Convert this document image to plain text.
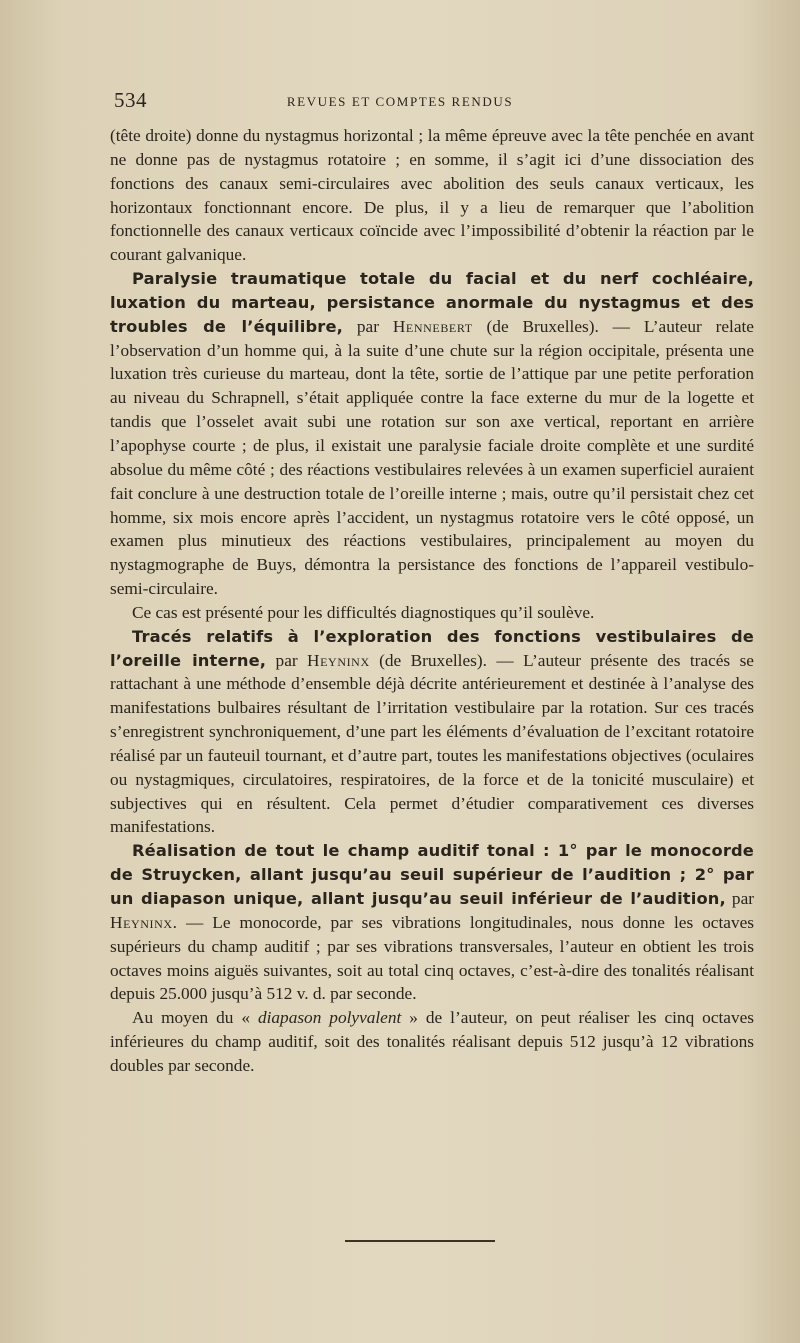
534	REVUES ET COMPTES RENDUS

(tête droite) donne du nystagmus horizontal ; la même épreuve avec la tête penchée en avant ne donne pas de nystagmus rotatoire ; en somme, il s’agit ici d’une dissociation des fonctions des canaux semi-circulaires avec abolition des seuls canaux verticaux, les horizontaux fonctionnant encore. De plus, il y a lieu de remarquer que l’abolition fonctionnelle des canaux verticaux coïncide avec l’impossibilité d’obtenir la réaction par le courant galvanique.

Paralysie traumatique totale du facial et du nerf cochléaire, luxation du marteau, persistance anormale du nystagmus et des troubles de l’équilibre, par Hennebert (de Bruxelles). — L’auteur relate l’observation d’un homme qui, à la suite d’une chute sur la région occipitale, présenta une luxation très curieuse du marteau, dont la tête, sortie de l’attique par une petite perforation au niveau du Schrapnell, s’était appliquée contre la face externe du mur de la logette et tandis que l’osselet avait subi une rotation sur son axe vertical, reportant en arrière l’apophyse courte ; de plus, il existait une paralysie faciale droite complète et une surdité absolue du même côté ; des réactions vestibulaires relevées à un examen superficiel auraient fait conclure à une destruction totale de l’oreille interne ; mais, outre qu’il persistait chez cet homme, six mois encore après l’accident, un nystagmus rotatoire vers le côté opposé, un examen plus minutieux des réactions vestibulaires, principalement au moyen du nystagmographe de Buys, démontra la persistance des fonctions de l’appareil vestibulo-semi-circulaire.

Ce cas est présenté pour les difficultés diagnostiques qu’il soulève.

Tracés relatifs à l’exploration des fonctions vestibulaires de l’oreille interne, par Heyninx (de Bruxelles). — L’auteur présente des tracés se rattachant à une méthode d’ensemble déjà décrite antérieurement et destinée à l’analyse des manifestations bulbaires résultant de l’irritation vestibulaire par la rotation. Sur ces tracés s’enregistrent synchroniquement, d’une part les éléments d’évaluation de l’excitant rotatoire réalisé par un fauteuil tournant, et d’autre part, toutes les manifestations objectives (oculaires ou nystagmiques, circulatoires, respiratoires, de la force et de la tonicité musculaire) et subjectives qui en résultent. Cela permet d’étudier comparativement ces diverses manifestations.

Réalisation de tout le champ auditif tonal : 1° par le monocorde de Struycken, allant jusqu’au seuil supérieur de l’audition ; 2° par un diapason unique, allant jusqu’au seuil inférieur de l’audition, par Heyninx. — Le monocorde, par ses vibrations longitudinales, nous donne les octaves supérieurs du champ auditif ; par ses vibrations transversales, l’auteur en obtient les trois octaves moins aiguës suivantes, soit au total cinq octaves, c’est-à-dire des tonalités réalisant depuis 25.000 jusqu’à 512 v. d. par seconde.

Au moyen du « diapason polyvalent » de l’auteur, on peut réaliser les cinq octaves inférieures du champ auditif, soit des tonalités réalisant depuis 512 jusqu’à 12 vibrations doubles par seconde.
